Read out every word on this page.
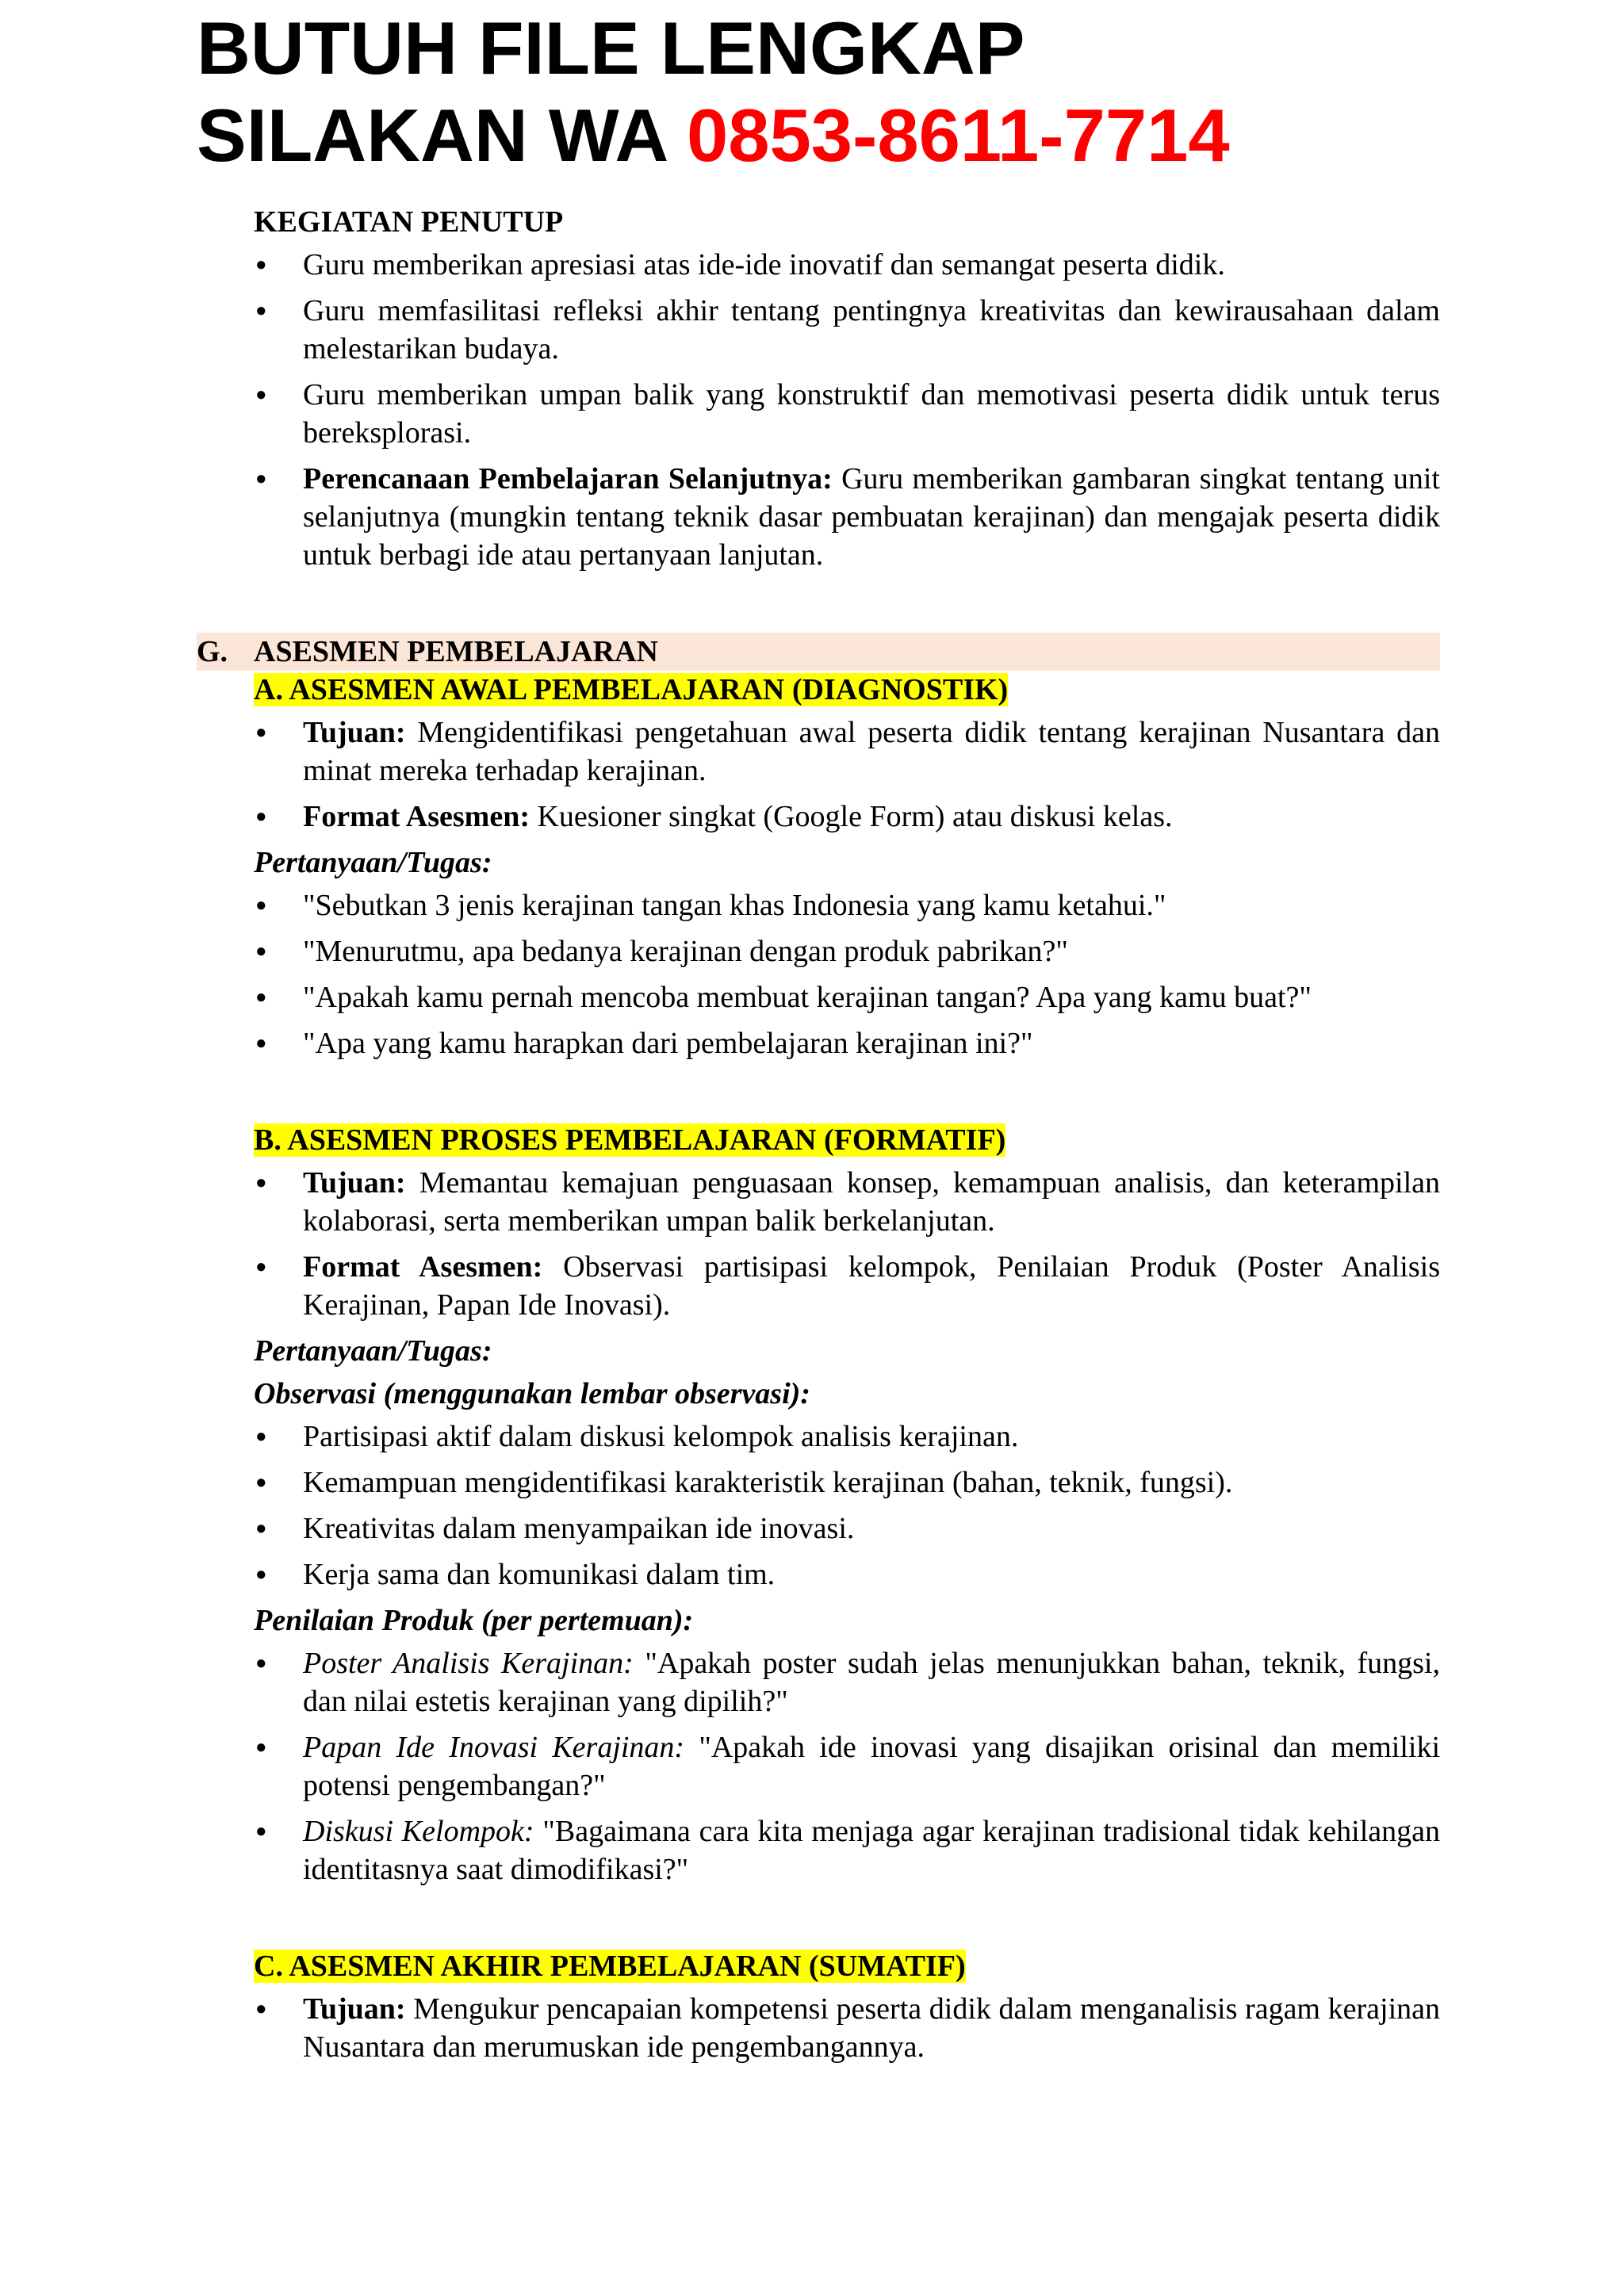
BUTUH FILE LENGKAP
SILAKAN WA 0853-8611-7714

KEGIATAN PENUTUP

● Guru memberikan apresiasi atas ide-ide inovatif dan semangat peserta didik.
● Guru memfasilitasi refleksi akhir tentang pentingnya kreativitas dan kewirausahaan dalam melestarikan budaya.
● Guru memberikan umpan balik yang konstruktif dan memotivasi peserta didik untuk terus bereksplorasi.
● Perencanaan Pembelajaran Selanjutnya: Guru memberikan gambaran singkat tentang unit selanjutnya (mungkin tentang teknik dasar pembuatan kerajinan) dan mengajak peserta didik untuk berbagi ide atau pertanyaan lanjutan.
G. ASESMEN PEMBELAJARAN

A. ASESMEN AWAL PEMBELAJARAN (DIAGNOSTIK)

● Tujuan: Mengidentifikasi pengetahuan awal peserta didik tentang kerajinan Nusantara dan minat mereka terhadap kerajinan.
● Format Asesmen: Kuesioner singkat (Google Form) atau diskusi kelas.

Pertanyaan/Tugas:

● "Sebutkan 3 jenis kerajinan tangan khas Indonesia yang kamu ketahui."
● "Menurutmu, apa bedanya kerajinan dengan produk pabrikan?"
● "Apakah kamu pernah mencoba membuat kerajinan tangan? Apa yang kamu buat?"
● "Apa yang kamu harapkan dari pembelajaran kerajinan ini?"

B. ASESMEN PROSES PEMBELAJARAN (FORMATIF)

● Tujuan: Memantau kemajuan penguasaan konsep, kemampuan analisis, dan keterampilan kolaborasi, serta memberikan umpan balik berkelanjutan.
● Format Asesmen: Observasi partisipasi kelompok, Penilaian Produk (Poster Analisis Kerajinan, Papan Ide Inovasi).

Pertanyaan/Tugas:

Observasi (menggunakan lembar observasi):

● Partisipasi aktif dalam diskusi kelompok analisis kerajinan.
● Kemampuan mengidentifikasi karakteristik kerajinan (bahan, teknik, fungsi).
● Kreativitas dalam menyampaikan ide inovasi.
● Kerja sama dan komunikasi dalam tim.

Penilaian Produk (per pertemuan):

● Poster Analisis Kerajinan: "Apakah poster sudah jelas menunjukkan bahan, teknik, fungsi, dan nilai estetis kerajinan yang dipilih?"
● Papan Ide Inovasi Kerajinan: "Apakah ide inovasi yang disajikan orisinal dan memiliki potensi pengembangan?"
● Diskusi Kelompok: "Bagaimana cara kita menjaga agar kerajinan tradisional tidak kehilangan identitasnya saat dimodifikasi?"

C. ASESMEN AKHIR PEMBELAJARAN (SUMATIF)

● Tujuan: Mengukur pencapaian kompetensi peserta didik dalam menganalisis ragam kerajinan Nusantara dan merumuskan ide pengembangannya.
